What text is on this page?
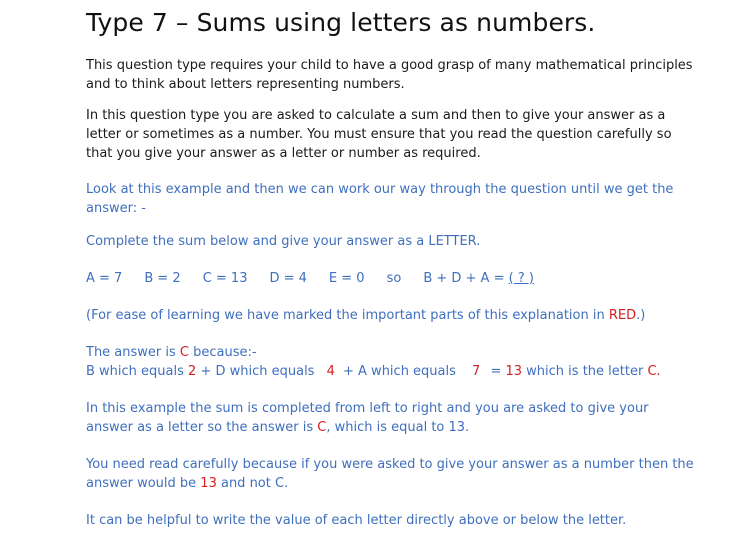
Type 7 – Sums using letters as numbers.

This question type requires your child to have a good grasp of many mathematical principles and to think about letters representing numbers.

In this question type you are asked to calculate a sum and then to give your answer as a letter or sometimes as a number. You must ensure that you read the question carefully so that you give your answer as a letter or number as required.

Look at this example and then we can work our way through the question until we get the answer: -

Complete the sum below and give your answer as a LETTER.

A = 7 B = 2 C = 13 D = 4 E = 0 so B + D + A = ( ? )

(For ease of learning we have marked the important parts of this explanation in RED.)

The answer is C because:-
B which equals 2 + D which equals 4 + A which equals 7 = 13 which is the letter C.

In this example the sum is completed from left to right and you are asked to give your answer as a letter so the answer is C, which is equal to 13.

You need read carefully because if you were asked to give your answer as a number then the answer would be 13 and not C.

It can be helpful to write the value of each letter directly above or below the letter.
